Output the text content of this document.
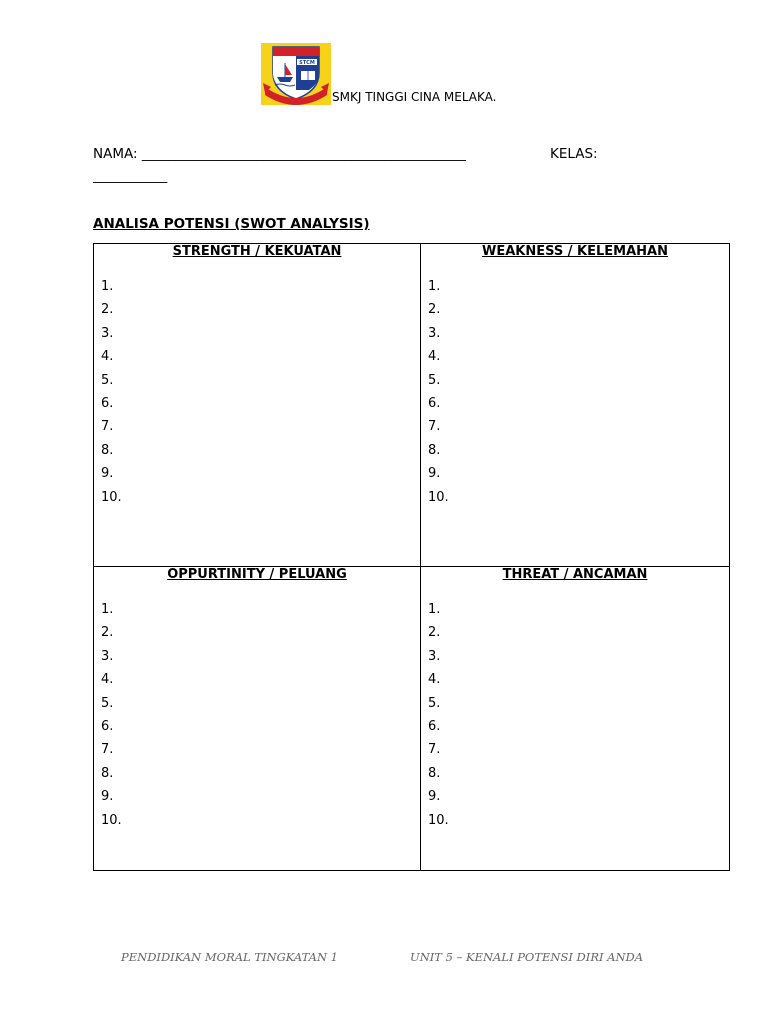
STCM
SMKJ TINGGI CINA MELAKA.
NAMA: ________________________________________________	KELAS:
___________
ANALISA POTENSI (SWOT ANALYSIS)
STRENGTH / KEKUATAN
1.
2.
3.
4.
5.
6.
7.
8.
9.
10.
WEAKNESS / KELEMAHAN
1.
2.
3.
4.
5.
6.
7.
8.
9.
10.
OPPURTINITY / PELUANG
1.
2.
3.
4.
5.
6.
7.
8.
9.
10.
THREAT / ANCAMAN
1.
2.
3.
4.
5.
6.
7.
8.
9.
10.
PENDIDIKAN MORAL TINGKATAN 1	UNIT 5 – KENALI POTENSI DIRI ANDA
